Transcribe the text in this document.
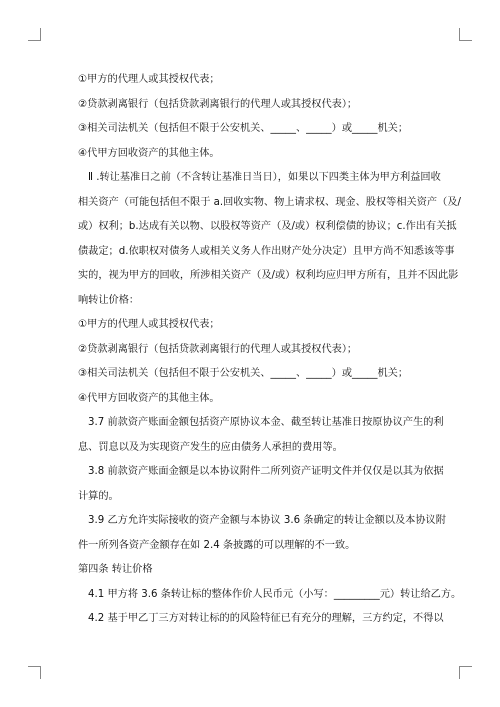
①甲方的代理人或其授权代表；
②贷款剥离银行（包括贷款剥离银行的代理人或其授权代表）；
③相关司法机关（包括但不限于公安机关、_____、_____）或_____机关；
④代甲方回收资产的其他主体。
Ⅱ .转让基准日之前（不含转让基准日当日），如果以下四类主体为甲方利益回收
相关资产（可能包括但不限于 a.回收实物、物上请求权、现金、股权等相关资产（及/
或）权利；b.达成有关以物、以股权等资产（及/或）权利偿债的协议；c.作出有关抵
债裁定；d.依职权对债务人或相关义务人作出财产处分决定）且甲方尚不知悉该等事
实的，视为甲方的回收，所涉相关资产（及/或）权利均应归甲方所有，且并不因此影
响转让价格：
①甲方的代理人或其授权代表；
②贷款剥离银行（包括贷款剥离银行的代理人或其授权代表）；
③相关司法机关（包括但不限于公安机关、_____、_____）或_____机关；
④代甲方回收资产的其他主体。
3.7 前款资产账面金额包括资产原协议本金、截至转让基准日按原协议产生的利
息、罚息以及为实现资产发生的应由债务人承担的费用等。
3.8 前款资产账面金额是以本协议附件二所列资产证明文件并仅仅是以其为依据
计算的。
3.9 乙方允许实际接收的资产金额与本协议 3.6 条确定的转让金额以及本协议附
件一所列各资产金额存在如 2.4 条披露的可以理解的不一致。
第四条 转让价格
4.1 甲方将 3.6 条转让标的整体作价人民币元（小写：_________元）转让给乙方。
4.2 基于甲乙丁三方对转让标的的风险特征已有充分的理解，三方约定，不得以
